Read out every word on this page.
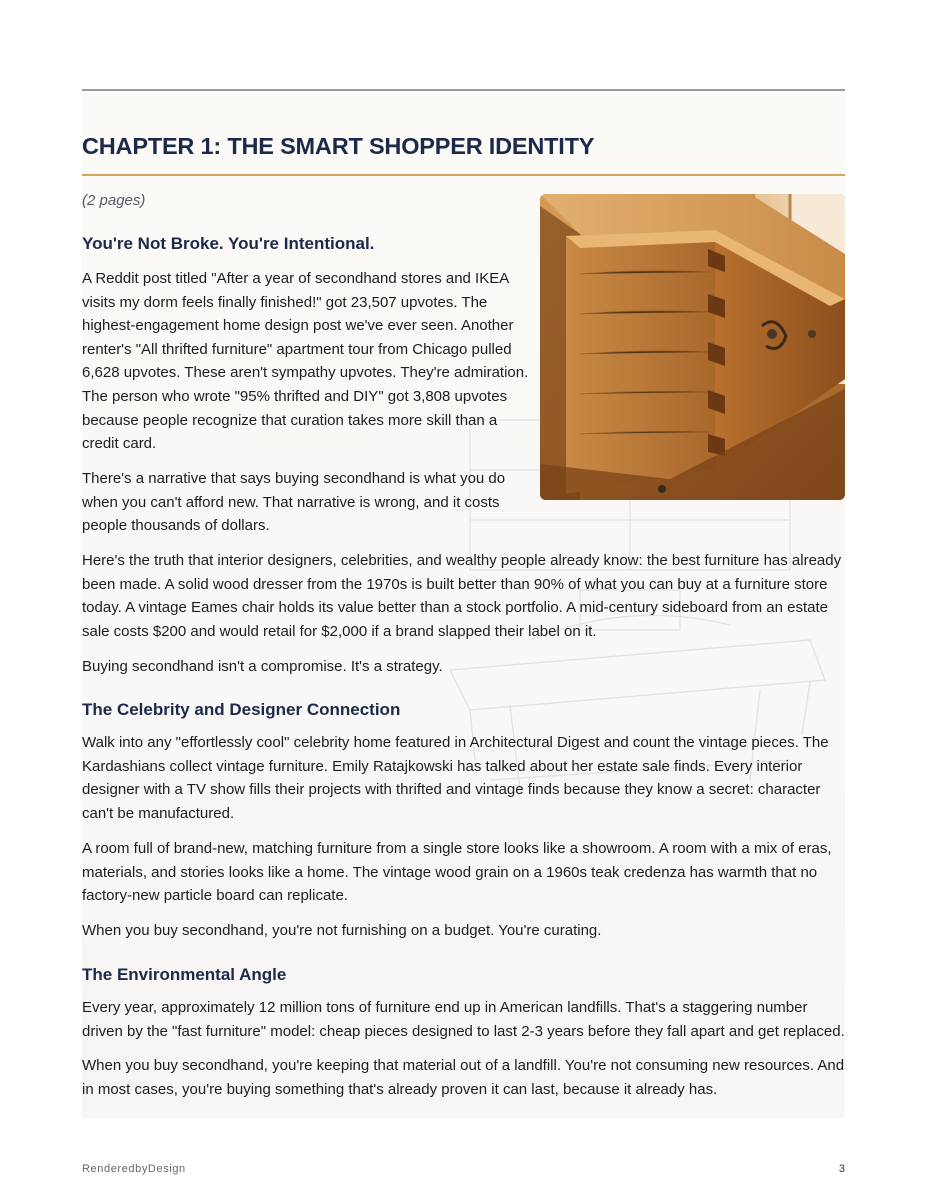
CHAPTER 1: THE SMART SHOPPER IDENTITY
(2 pages)
You're Not Broke. You're Intentional.

A Reddit post titled "After a year of secondhand stores and IKEA visits my dorm feels finally finished!" got 23,507 upvotes. The highest-engagement home design post we've ever seen. Another renter's "All thrifted furniture" apartment tour from Chicago pulled 6,628 upvotes. These aren't sympathy upvotes. They're admiration. The person who wrote "95% thrifted and DIY" got 3,808 upvotes because people recognize that curation takes more skill than a credit card.

There's a narrative that says buying secondhand is what you do when you can't afford new. That narrative is wrong, and it costs people thousands of dollars.

Here's the truth that interior designers, celebrities, and wealthy people already know: the best furniture has already been made. A solid wood dresser from the 1970s is built better than 90% of what you can buy at a furniture store today. A vintage Eames chair holds its value better than a stock portfolio. A mid-century sideboard from an estate sale costs $200 and would retail for $2,000 if a brand slapped their label on it.

Buying secondhand isn't a compromise. It's a strategy.

The Celebrity and Designer Connection

Walk into any "effortlessly cool" celebrity home featured in Architectural Digest and count the vintage pieces. The Kardashians collect vintage furniture. Emily Ratajkowski has talked about her estate sale finds. Every interior designer with a TV show fills their projects with thrifted and vintage finds because they know a secret: character can't be manufactured.

A room full of brand-new, matching furniture from a single store looks like a showroom. A room with a mix of eras, materials, and stories looks like a home. The vintage wood grain on a 1960s teak credenza has warmth that no factory-new particle board can replicate.

When you buy secondhand, you're not furnishing on a budget. You're curating.

The Environmental Angle

Every year, approximately 12 million tons of furniture end up in American landfills. That's a staggering number driven by the "fast furniture" model: cheap pieces designed to last 2-3 years before they fall apart and get replaced.

When you buy secondhand, you're keeping that material out of a landfill. You're not consuming new resources. And in most cases, you're buying something that's already proven it can last, because it already has.

RenderedbyDesign	3
